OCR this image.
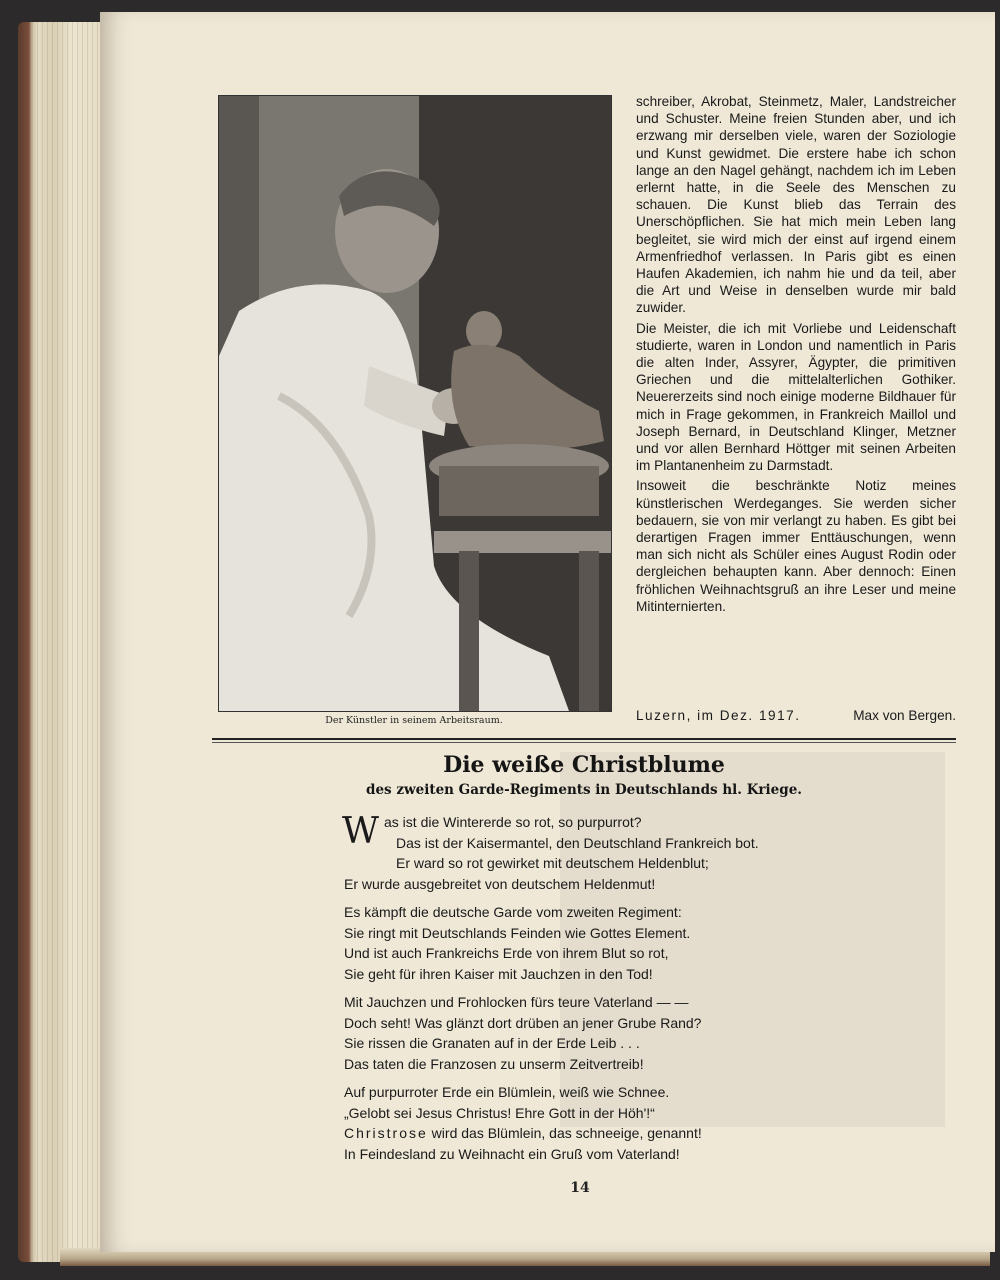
Der Künstler in seinem Arbeitsraum.

schreiber, Akrobat, Steinmetz, Maler, Landstreicher und Schuster. Meine freien Stunden aber, und ich erzwang mir derselben viele, waren der Soziologie und Kunst gewidmet. Die erstere habe ich schon lange an den Nagel gehängt, nachdem ich im Leben erlernt hatte, in die Seele des Menschen zu schauen. Die Kunst blieb das Terrain des Unerschöpflichen. Sie hat mich mein Leben lang begleitet, sie wird mich der einst auf irgend einem Armenfriedhof verlassen. In Paris gibt es einen Haufen Akademien, ich nahm hie und da teil, aber die Art und Weise in denselben wurde mir bald zuwider.

Die Meister, die ich mit Vorliebe und Leidenschaft studierte, waren in London und namentlich in Paris die alten Inder, Assyrer, Ägypter, die primitiven Griechen und die mittelalterlichen Gothiker. Neuererzeits sind noch einige moderne Bildhauer für mich in Frage gekommen, in Frankreich Maillol und Joseph Bernard, in Deutschland Klinger, Metzner und vor allen Bernhard Höttger mit seinen Arbeiten im Plantanenheim zu Darmstadt.

Insoweit die beschränkte Notiz meines künstlerischen Werdeganges. Sie werden sicher bedauern, sie von mir verlangt zu haben. Es gibt bei derartigen Fragen immer Enttäuschungen, wenn man sich nicht als Schüler eines August Rodin oder dergleichen behaupten kann. Aber dennoch: Einen fröhlichen Weihnachtsgruß an ihre Leser und meine Mitinternierten.

Luzern, im Dez. 1917.	Max von Bergen.
Die weiße Christblume
des zweiten Garde-Regiments in Deutschlands hl. Kriege.
W as ist die Wintererde so rot, so purpurrot?
Das ist der Kaisermantel, den Deutschland Frankreich bot.
Er ward so rot gewirket mit deutschem Heldenblut;
Er wurde ausgebreitet von deutschem Heldenmut!
Es kämpft die deutsche Garde vom zweiten Regiment:
Sie ringt mit Deutschlands Feinden wie Gottes Element.
Und ist auch Frankreichs Erde von ihrem Blut so rot,
Sie geht für ihren Kaiser mit Jauchzen in den Tod!
Mit Jauchzen und Frohlocken fürs teure Vaterland — —
Doch seht! Was glänzt dort drüben an jener Grube Rand?
Sie rissen die Granaten auf in der Erde Leib . . .
Das taten die Franzosen zu unserm Zeitvertreib!
Auf purpurroter Erde ein Blümlein, weiß wie Schnee.
„Gelobt sei Jesus Christus! Ehre Gott in der Höh'!“
Christrose wird das Blümlein, das schneeige, genannt!
In Feindesland zu Weihnacht ein Gruß vom Vaterland!
14
